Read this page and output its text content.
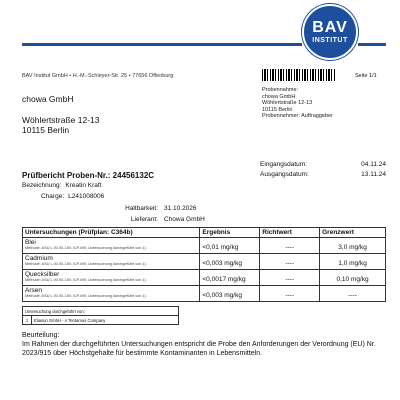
BAV
INSTITUT
BAV Institut GmbH • H.-M.-Schleyer-Str. 25 • 77656 Offenburg	Seite 1/1
chowa GmbH
Wöhlertstraße 12-13
10115 Berlin
Probennahme:
chowa GmbH
Wöhlertstraße 12-13
10115 Berlin
Probennehmer: Auftraggeber
Eingangsdatum:	04.11.24
Ausgangsdatum:	13.11.24
Prüfbericht Proben-Nr.: 24456132C
Bezeichnung: Kreatin Kraft
Charge: L241008006
Haltbarkeit: 31.10.2026
Lieferant: Chowa GmbH
Untersuchungen (Prüfplan: C364b)	Ergebnis	Richtwert	Grenzwert

Blei
Methode: ASU L 00.00-135; ICP-MS; Untersuchung durchgeführt von 1)	<0,01 mg/kg	----	3,0 mg/kg

Cadmium
Methode: ASU L 00.00-135; ICP-MS; Untersuchung durchgeführt von 1)	<0,003 mg/kg	----	1,0 mg/kg

Quecksilber
Methode: ASU L 00.00-135; ICP-MS; Untersuchung durchgeführt von 1)	<0,0017 mg/kg	----	0,10 mg/kg

Arsen
Methode: ASU L 00.00-135; ICP-MS; Untersuchung durchgeführt von 1)	<0,003 mg/kg	----	----
Untersuchung durchgeführt von:
1	Eliasun GmbH - A Tentamus Company
Beurteilung:
Im Rahmen der durchgeführten Untersuchungen entspricht die Probe den Anforderungen der Verordnung (EU) Nr. 2023/915 über Höchstgehalte für bestimmte Kontaminanten in Lebensmitteln.
